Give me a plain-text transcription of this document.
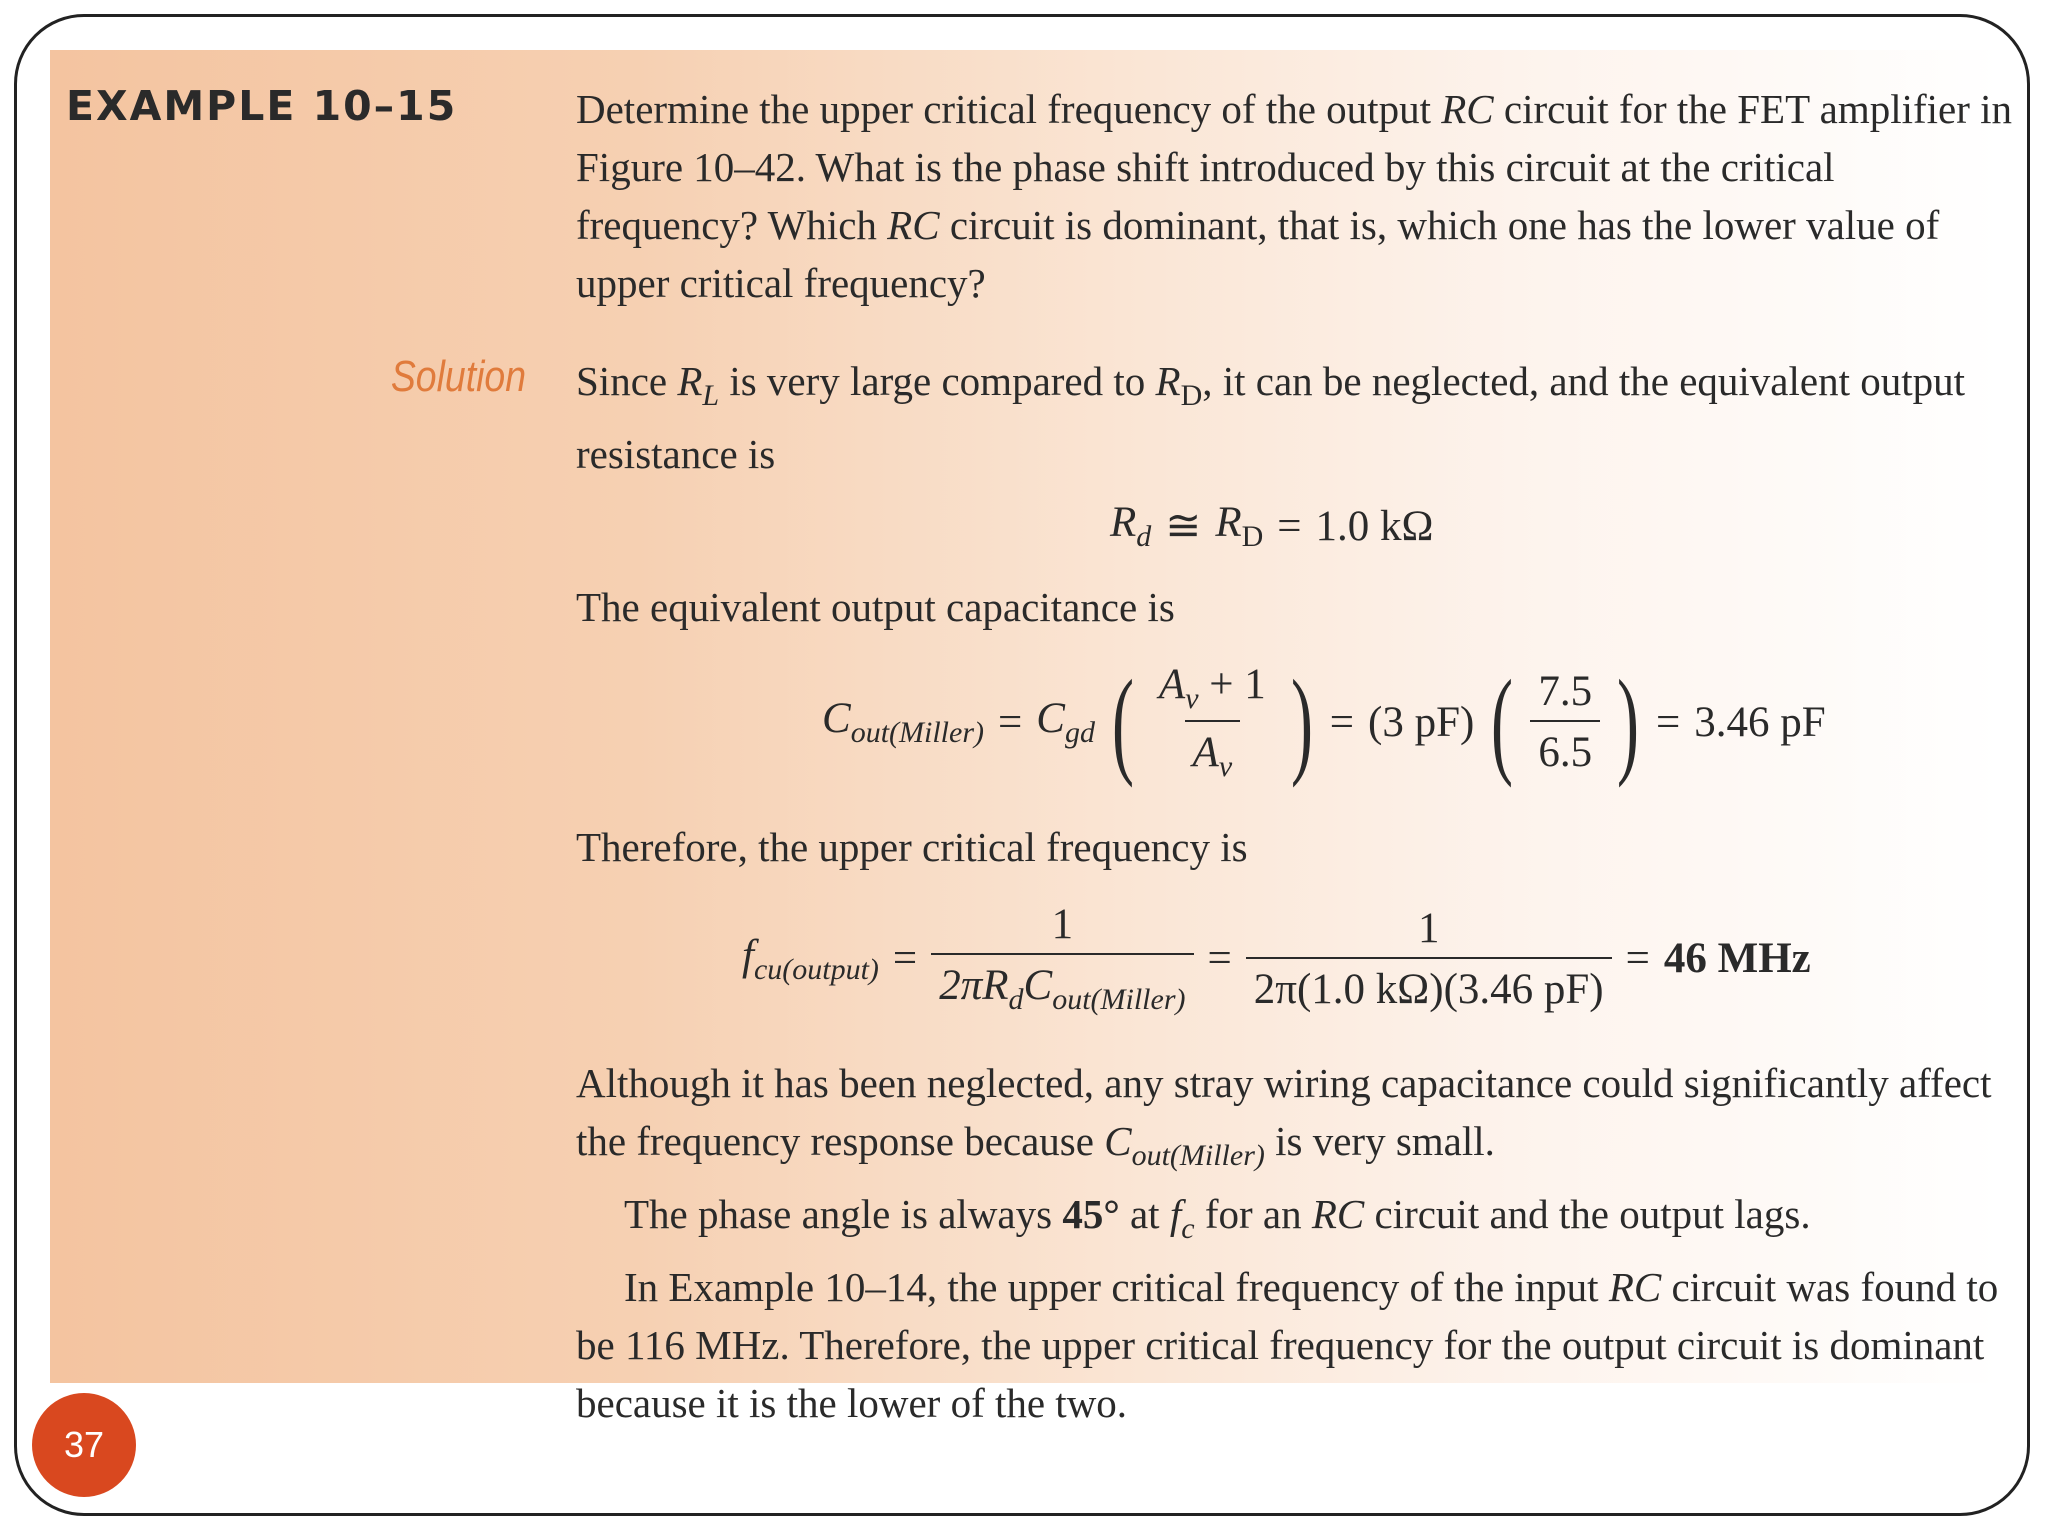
EXAMPLE 10–15	Determine the upper critical frequency of the output RC circuit for the FET amplifier in Figure 10–42. What is the phase shift introduced by this circuit at the critical frequency? Which RC circuit is dominant, that is, which one has the lower value of upper critical frequency?
Solution Since $R_L$ is very large compared to $R_D$, it can be neglected, and the equivalent output resistance is
$R_d$ ≅ $R_D = 1.0$ kΩ
The equivalent output capacitance is
$C_{out(Miller)} = C_{gd}$ ( $\frac{A_v + 1}{A_v}$ ) = (3 pF) ( $\frac{7.5}{6.5}$ ) = 3.46 pF
Therefore, the upper critical frequency is
$f_{cu(output)} = \frac{1}{2\pi R_dC_{out(Miller)}} = \frac{1}{2\pi(1.0 k\Omega)(3.46 pF)} = 46$ MHz
Although it has been neglected, any stray wiring capacitance could significantly affect the frequency response because $C_{out(Miller)}$ is very small.
The phase angle is always 45° at $f_c$ for an RC circuit and the output lags.
In Example 10–14, the upper critical frequency of the input RC circuit was found to be 116 MHz. Therefore, the upper critical frequency for the output circuit is dominant because it is the lower of the two.
37
